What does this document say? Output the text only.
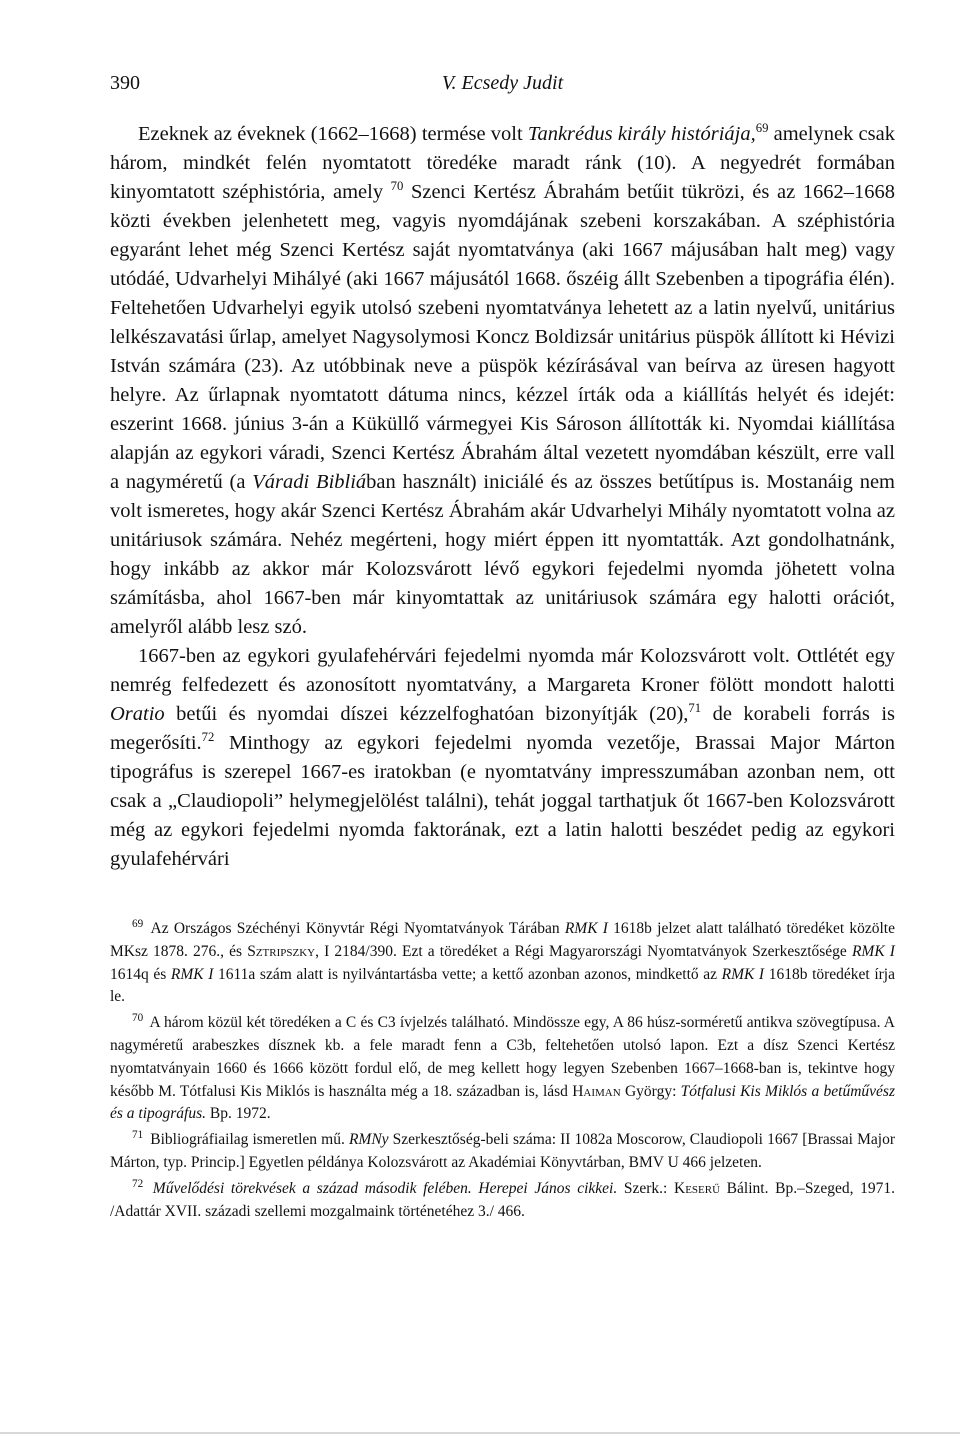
390	V. Ecsedy Judit

Ezeknek az éveknek (1662–1668) termése volt Tankrédus király históriája,$^{69}$ amelynek csak három, mindkét felén nyomtatott töredéke maradt ránk (10). A negyedrét formában kinyomtatott széphistória, amely $^{70}$ Szenci Kertész Ábrahám betűit tükrözi, és az 1662–1668 közti években jelenhetett meg, vagyis nyomdájának szebeni korszakában. A széphistória egyaránt lehet még Szenci Kertész saját nyomtatványa (aki 1667 májusában halt meg) vagy utódáé, Udvarhelyi Mihályé (aki 1667 májusától 1668. őszéig állt Szebenben a tipográfia élén). Feltehetően Udvarhelyi egyik utolsó szebeni nyomtatványa lehetett az a latin nyelvű, unitárius lelkészavatási űrlap, amelyet Nagysolymosi Koncz Boldizsár unitárius püspök állított ki Hévizi István számára (23). Az utóbbinak neve a püspök kézírásával van beírva az üresen hagyott helyre. Az űrlapnak nyomtatott dátuma nincs, kézzel írták oda a kiállítás helyét és idejét: eszerint 1668. június 3-án a Küküllő vármegyei Kis Sároson állították ki. Nyomdai kiállítása alapján az egykori váradi, Szenci Kertész Ábrahám által vezetett nyomdában készült, erre vall a nagyméretű (a Váradi Bibliában használt) iniciálé és az összes betűtípus is. Mostanáig nem volt ismeretes, hogy akár Szenci Kertész Ábrahám akár Udvarhelyi Mihály nyomtatott volna az unitáriusok számára. Nehéz megérteni, hogy miért éppen itt nyomtatták. Azt gondolhatnánk, hogy inkább az akkor már Kolozsvárott lévő egykori fejedelmi nyomda jöhetett volna számításba, ahol 1667-ben már kinyomtattak az unitáriusok számára egy halotti orációt, amelyről alább lesz szó.

1667-ben az egykori gyulafehérvári fejedelmi nyomda már Kolozsvárott volt. Ottlétét egy nemrég felfedezett és azonosított nyomtatvány, a Margareta Kroner fölött mondott halotti Oratio betűi és nyomdai díszei kézzelfoghatóan bizonyítják (20),$^{71}$ de korabeli forrás is megerősíti.$^{72}$ Minthogy az egykori fejedelmi nyomda vezetője, Brassai Major Márton tipográfus is szerepel 1667-es iratokban (e nyomtatvány impresszumában azonban nem, ott csak a „Claudiopoli” helymegjelölést találni), tehát joggal tarthatjuk őt 1667-ben Kolozsvárott még az egykori fejedelmi nyomda faktorának, ezt a latin halotti beszédet pedig az egykori gyulafehérvári

$^{69}$ Az Országos Széchényi Könyvtár Régi Nyomtatványok Tárában RMK I 1618b jelzet alatt található töredéket közölte MKsz 1878. 276., és Sztripszky, I 2184/390. Ezt a töredéket a Régi Magyarországi Nyomtatványok Szerkesztősége RMK I 1614q és RMK I 1611a szám alatt is nyilvántartásba vette; a kettő azonban azonos, mindkettő az RMK I 1618b töredéket írja le.

$^{70}$ A három közül két töredéken a C és C3 ívjelzés található. Mindössze egy, A 86 húsz-sorméretű antikva szövegtípusa. A nagyméretű arabeszkes dísznek kb. a fele maradt fenn a C3b, feltehetően utolsó lapon. Ezt a dísz Szenci Kertész nyomtatványain 1660 és 1666 között fordul elő, de meg kellett hogy legyen Szebenben 1667–1668-ban is, tekintve hogy később M. Tótfalusi Kis Miklós is használta még a 18. században is, lásd Haiman György: Tótfalusi Kis Miklós a betűművész és a tipográfus. Bp. 1972.

$^{71}$ Bibliográfiailag ismeretlen mű. RMNy Szerkesztőség-beli száma: II 1082a Moscorow, Claudiopoli 1667 [Brassai Major Márton, typ. Princip.] Egyetlen példánya Kolozsvárott az Akadémiai Könyvtárban, BMV U 466 jelzeten.

$^{72}$ Művelődési törekvések a század második felében. Herepei János cikkei. Szerk.: Keserű Bálint. Bp.–Szeged, 1971. /Adattár XVII. századi szellemi mozgalmaink történetéhez 3./ 466.
